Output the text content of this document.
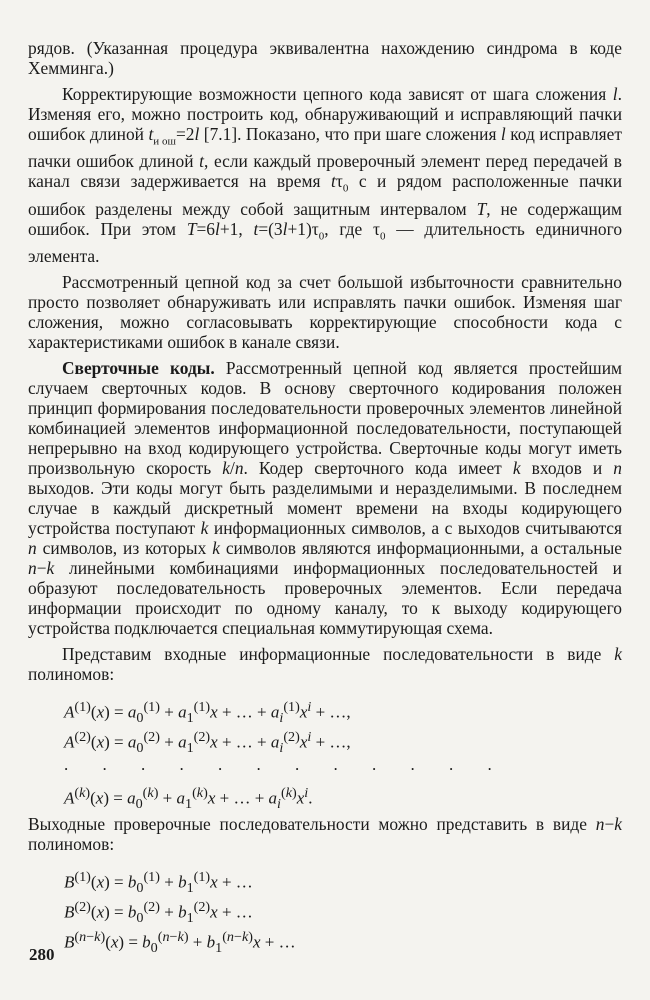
рядов. (Указанная процедура эквивалентна нахождению синдрома в коде Хемминга.)

Корректирующие возможности цепного кода зависят от шага сложения l. Изменяя его, можно построить код, обнаруживающий и исправляющий пачки ошибок длиной $t_{и ош}=2l$ [7.1]. Показано, что при шаге сложения l код исправляет пачки ошибок длиной t, если каждый проверочный элемент перед передачей в канал связи задерживается на время $t\tau_0$ с и рядом расположенные пачки ошибок разделены между собой защитным интервалом T, не содержащим ошибок. При этом T=6l+1, $t=(3l+1)\tau_0$, где $\tau_0$ — длительность единичного элемента.

Рассмотренный цепной код за счет большой избыточности сравнительно просто позволяет обнаруживать или исправлять пачки ошибок. Изменяя шаг сложения, можно согласовывать корректирующие способности кода с характеристиками ошибок в канале связи.

Сверточные коды. Рассмотренный цепной код является простейшим случаем сверточных кодов. В основу сверточного кодирования положен принцип формирования последовательности проверочных элементов линейной комбинацией элементов информационной последовательности, поступающей непрерывно на вход кодирующего устройства. Сверточные коды могут иметь произвольную скорость k/n. Кодер сверточного кода имеет k входов и n выходов. Эти коды могут быть разделимыми и неразделимыми. В последнем случае в каждый дискретный момент времени на входы кодирующего устройства поступают k информационных символов, а с выходов считываются n символов, из которых k символов являются информационными, а остальные n−k линейными комбинациями информационных последовательностей и образуют последовательность проверочных элементов. Если передача информации происходит по одному каналу, то к выходу кодирующего устройства подключается специальная коммутирующая схема.

Представим входные информационные последовательности в виде k полиномов:

$A^{(1)}(x) = a_0^{(1)} + a_1^{(1)}x$ + … + $a_i^{(1)}x^i$ + …,
$A^{(2)}(x) = a_0^{(2)} + a_1^{(2)}x$ + … + $a_i^{(2)}x^i$ + …,
. . . . . . . . . . . .
$A^{(k)}(x) = a_0^{(k)} + a_1^{(k)}x$ + … + $a_i^{(k)}x^i$.

Выходные проверочные последовательности можно представить в виде n−k полиномов:

$B^{(1)}(x) = b_0^{(1)} + b_1^{(1)}x$ + …
$B^{(2)}(x) = b_0^{(2)} + b_1^{(2)}x$ + …
$B^{(n-k)}(x) = b_0^{(n-k)} + b_1^{(n-k)}x$ + …
280
